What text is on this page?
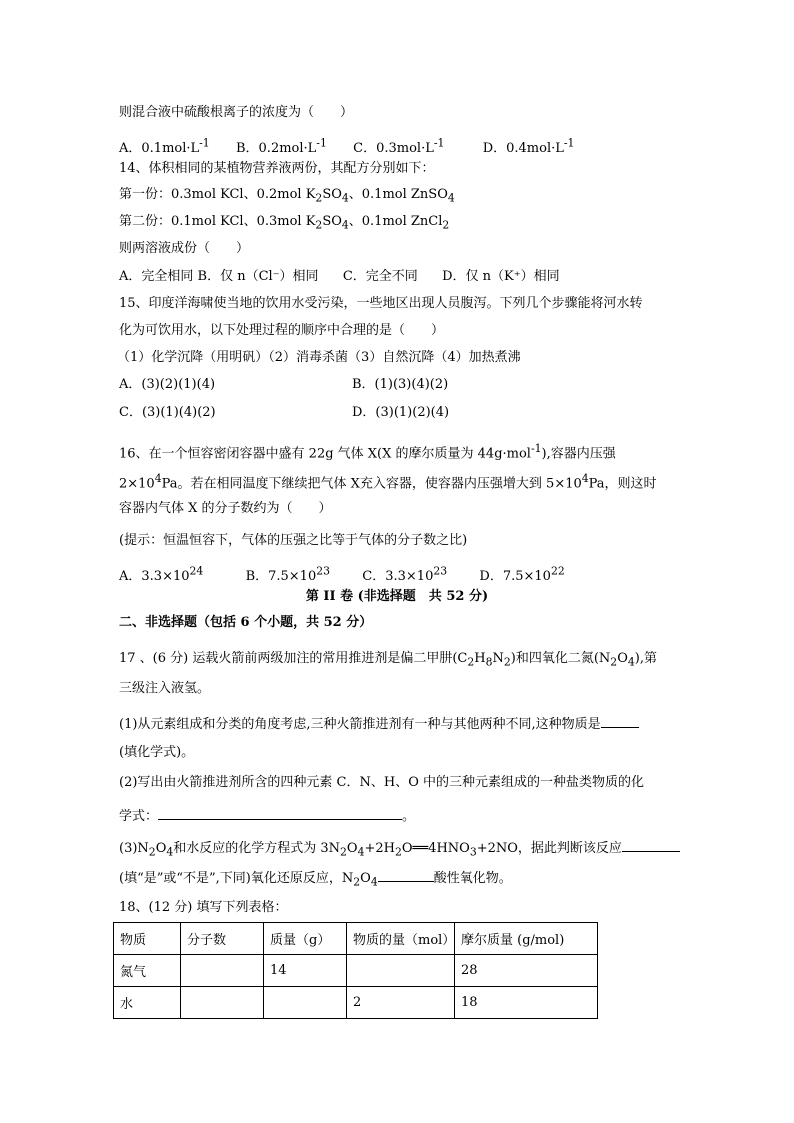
则混合液中硫酸根离子的浓度为（　　）
A．$0.1mol\cdot L^{-1}$ B．$0.2mol\cdot L^{-1}$ C．$0.3mol\cdot L^{-1}$	D．$0.4mol\cdot L^{-1}$
14、体积相同的某植物营养液两份，其配方分别如下：
第一份：0.3mol KCl、0.2mol $K_2SO_4$、0.1mol ZnSO$_4$
第二份：0.1mol KCl、0.3mol $K_2SO_4$、0.1mol ZnCl$_2$
则两溶液成份（　　）
A．完全相同 B．仅 n（Cl⁻）相同 C．完全不同 D．仅 n（K⁺）相同
15、印度洋海啸使当地的饮用水受污染，一些地区出现人员腹泻。下列几个步骤能将河水转
化为可饮用水，以下处理过程的顺序中合理的是（　　）
（1）化学沉降（用明矾）（2）消毒杀菌（3）自然沉降（4）加热煮沸
A．(3)(2)(1)(4)	B．(1)(3)(4)(2)
C．(3)(1)(4)(2)	D．(3)(1)(2)(4)
16、在一个恒容密闭容器中盛有 22g 气体 X(X 的摩尔质量为 44g·mol$^{-1}$),容器内压强
$2\times 10^4Pa$。若在相同温度下继续把气体 X充入容器，使容器内压强增大到 $5\times 10^4Pa$，则这时
容器内气体 X 的分子数约为（　　）
(提示：恒温恒容下，气体的压强之比等于气体的分子数之比)
A．$3.3\times 10^{24}$	B．$7.5\times 10^{23}$ C．$3.3\times 10^{23}$ D．$7.5\times 10^{22}$
第 II 卷 (非选择题　共 52 分)
二、非选择题（包括 6 个小题，共 52 分）
17 、(6 分) 运载火箭前两级加注的常用推进剂是偏二甲肼$(C_2H_8N_2)$和四氧化二氮$(N_2O_4)$,第
三级注入液氢。
(1)从元素组成和分类的角度考虑,三种火箭推进剂有一种与其他两种不同,这种物质是
(填化学式)。
(2)写出由火箭推进剂所含的四种元素 C．N、H、O 中的三种元素组成的一种盐类物质的化
学式：	。
$(3)N_2O_4$和水反应的化学方程式为 $3N_2O_4+2H_2O══4HNO_3+2NO$，据此判断该反应
(填“是”或“不是”,下同)氧化还原反应，$N_2O_4$	酸性氧化物。
18、(12 分) 填写下列表格：
物质	分子数	质量（g）	物质的量（mol）	摩尔质量 (g/mol)
氮气		14		28
水			2	18
